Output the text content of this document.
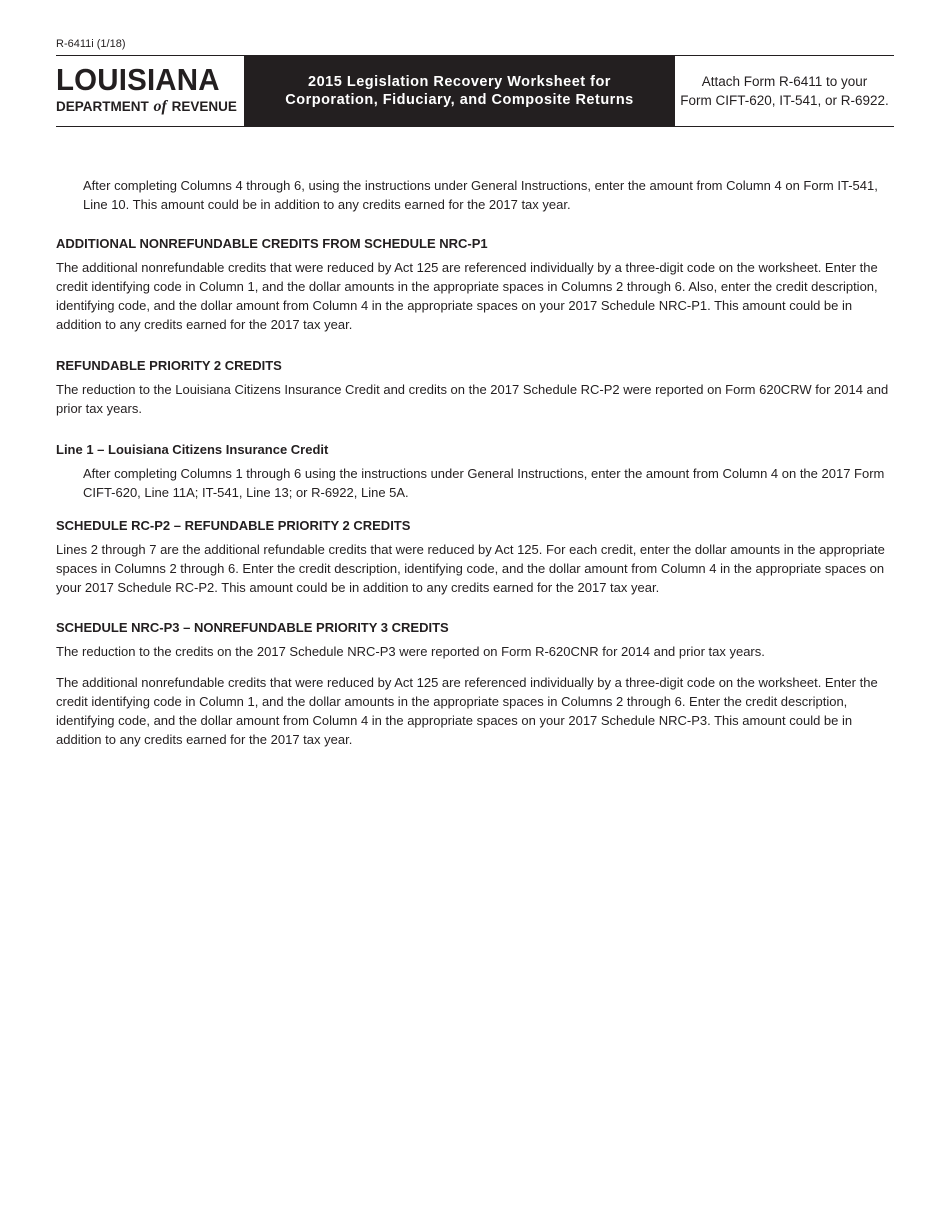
R-6411i (1/18)
LOUISIANA
DEPARTMENT of REVENUE
2015 Legislation Recovery Worksheet for
Corporation, Fiduciary, and Composite Returns
Attach Form R-6411 to your
Form CIFT-620, IT-541, or R-6922.

After completing Columns 4 through 6, using the instructions under General Instructions, enter the amount from Column 4 on Form IT-541, Line 10. This amount could be in addition to any credits earned for the 2017 tax year.

ADDITIONAL NONREFUNDABLE CREDITS FROM SCHEDULE NRC-P1

The additional nonrefundable credits that were reduced by Act 125 are referenced individually by a three-digit code on the worksheet. Enter the credit identifying code in Column 1, and the dollar amounts in the appropriate spaces in Columns 2 through 6. Also, enter the credit description, identifying code, and the dollar amount from Column 4 in the appropriate spaces on your 2017 Schedule NRC-P1. This amount could be in addition to any credits earned for the 2017 tax year.

REFUNDABLE PRIORITY 2 CREDITS

The reduction to the Louisiana Citizens Insurance Credit and credits on the 2017 Schedule RC-P2 were reported on Form 620CRW for 2014 and prior tax years.

Line 1 – Louisiana Citizens Insurance Credit

After completing Columns 1 through 6 using the instructions under General Instructions, enter the amount from Column 4 on the 2017 Form CIFT-620, Line 11A; IT-541, Line 13; or R-6922, Line 5A.

SCHEDULE RC-P2 – REFUNDABLE PRIORITY 2 CREDITS

Lines 2 through 7 are the additional refundable credits that were reduced by Act 125. For each credit, enter the dollar amounts in the appropriate spaces in Columns 2 through 6. Enter the credit description, identifying code, and the dollar amount from Column 4 in the appropriate spaces on your 2017 Schedule RC-P2. This amount could be in addition to any credits earned for the 2017 tax year.

SCHEDULE NRC-P3 – NONREFUNDABLE PRIORITY 3 CREDITS

The reduction to the credits on the 2017 Schedule NRC-P3 were reported on Form R-620CNR for 2014 and prior tax years.

The additional nonrefundable credits that were reduced by Act 125 are referenced individually by a three-digit code on the worksheet. Enter the credit identifying code in Column 1, and the dollar amounts in the appropriate spaces in Columns 2 through 6. Enter the credit description, identifying code, and the dollar amount from Column 4 in the appropriate spaces on your 2017 Schedule NRC-P3. This amount could be in addition to any credits earned for the 2017 tax year.
